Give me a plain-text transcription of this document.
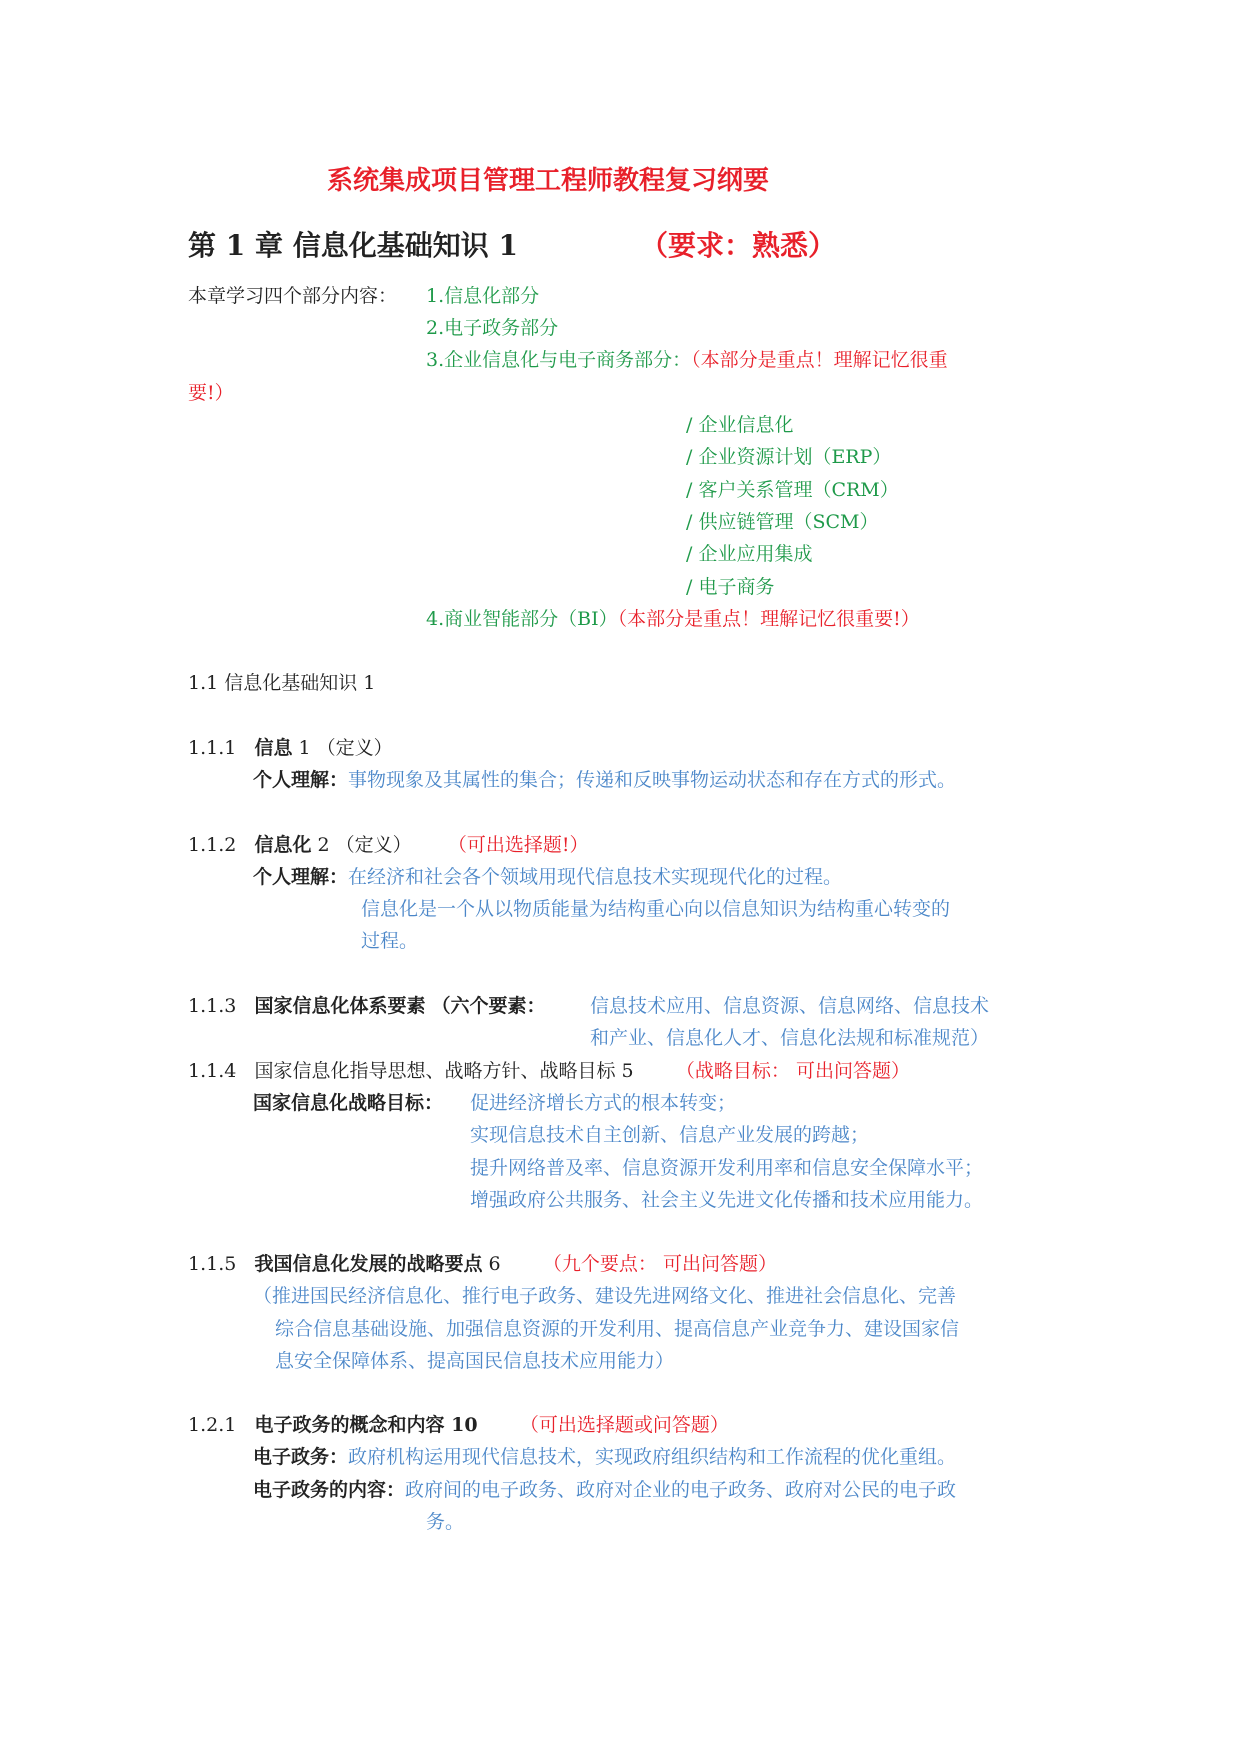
系统集成项目管理工程师教程复习纲要
第 1 章 信息化基础知识 1	（要求：熟悉）
本章学习四个部分内容： 1.信息化部分
2.电子政务部分
3.企业信息化与电子商务部分：（本部分是重点！理解记忆很重
要!）
/ 企业信息化
/ 企业资源计划（ERP）
/ 客户关系管理（CRM）
/ 供应链管理（SCM）
/ 企业应用集成
/ 电子商务
4.商业智能部分（BI）（本部分是重点！理解记忆很重要!）
1.1 信息化基础知识 1
1.1.1 信息 1 （定义）
个人理解：事物现象及其属性的集合；传递和反映事物运动状态和存在方式的形式。
1.1.2 信息化 2 （定义） （可出选择题!）
个人理解：在经济和社会各个领域用现代信息技术实现现代化的过程。
信息化是一个从以物质能量为结构重心向以信息知识为结构重心转变的
过程。
1.1.3 国家信息化体系要素 （六个要素： 信息技术应用、信息资源、信息网络、信息技术
和产业、信息化人才、信息化法规和标准规范）
1.1.4 国家信息化指导思想、战略方针、战略目标 5 （战略目标： 可出问答题）
国家信息化战略目标： 促进经济增长方式的根本转变；
实现信息技术自主创新、信息产业发展的跨越；
提升网络普及率、信息资源开发利用率和信息安全保障水平；
增强政府公共服务、社会主义先进文化传播和技术应用能力。
1.1.5 我国信息化发展的战略要点 6 （九个要点： 可出问答题）
（推进国民经济信息化、推行电子政务、建设先进网络文化、推进社会信息化、完善
综合信息基础设施、加强信息资源的开发利用、提高信息产业竞争力、建设国家信
息安全保障体系、提高国民信息技术应用能力）
1.2.1 电子政务的概念和内容 10 （可出选择题或问答题）
电子政务：政府机构运用现代信息技术，实现政府组织结构和工作流程的优化重组。
电子政务的内容：政府间的电子政务、政府对企业的电子政务、政府对公民的电子政
务。
